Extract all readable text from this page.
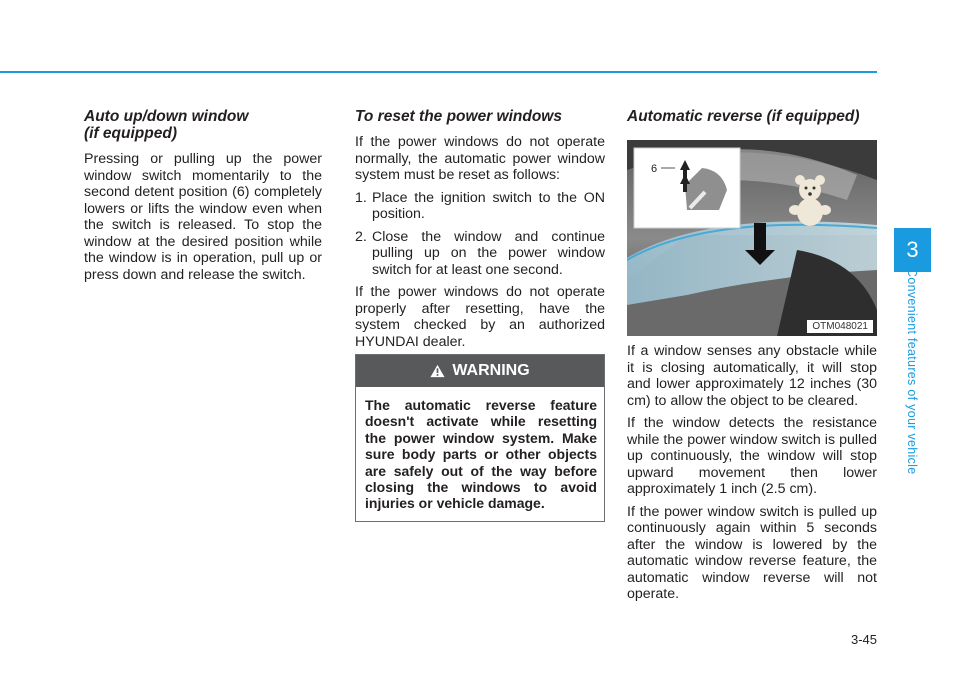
Auto up/down window
(if equipped)

Pressing or pulling up the power window switch momentarily to the second detent position (6) completely lowers or lifts the window even when the switch is released. To stop the window at the desired position while the window is in operation, pull up or press down and release the switch.

To reset the power windows

If the power windows do not operate normally, the automatic power window system must be reset as follows:

1. Place the ignition switch to the ON position.
2. Close the window and continue pulling up on the power window switch for at least one second.

If the power windows do not operate properly after resetting, have the system checked by an authorized HYUNDAI dealer.

WARNING
The automatic reverse feature doesn't activate while resetting the power window system. Make sure body parts or other objects are safely out of the way before closing the windows to avoid injuries or vehicle damage.
Automatic reverse (if equipped)
6
OTM048021

If a window senses any obstacle while it is closing automatically, it will stop and lower approximately 12 inches (30 cm) to allow the object to be cleared.

If the window detects the resistance while the power window switch is pulled up continuously, the window will stop upward movement then lower approximately 1 inch (2.5 cm).

If the power window switch is pulled up continuously again within 5 seconds after the window is lowered by the automatic window reverse feature, the automatic window reverse will not operate.

3
Convenient features of your vehicle
3-45
